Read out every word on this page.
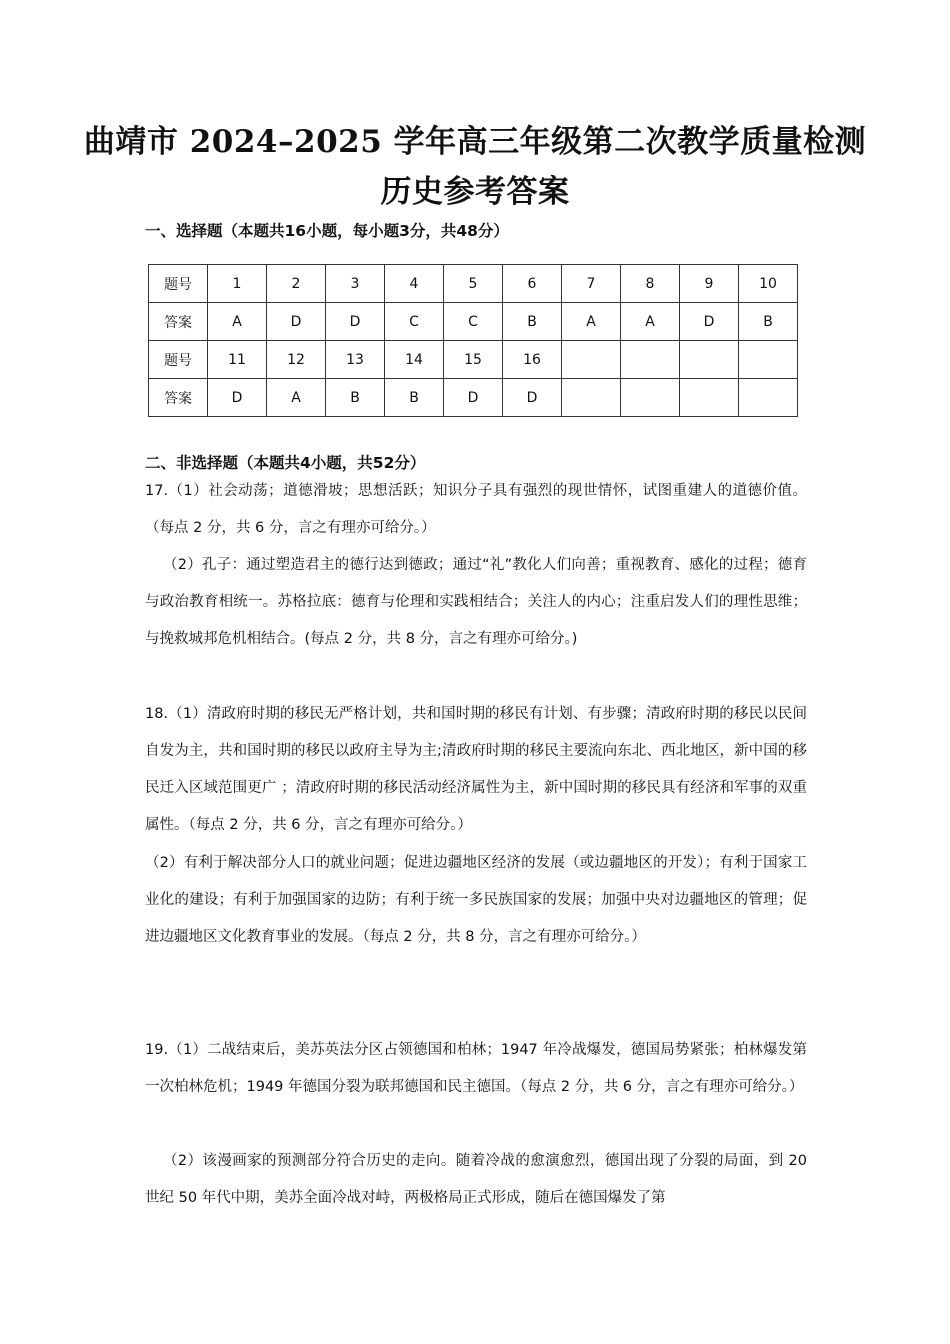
曲靖市 2024–2025 学年高三年级第二次教学质量检测
历史参考答案
一、选择题（本题共16小题，每小题3分，共48分）
题号	1	2	3	4	5	6	7	8	9	10
答案	A	D	D	C	C	B	A	A	D	B
题号	11	12	13	14	15	16				
答案	D	A	B	B	D	D				
二、非选择题（本题共4小题，共52分）
17.（1）社会动荡；道德滑坡；思想活跃；知识分子具有强烈的现世情怀，试图重建人的道德价值。（每点 2 分，共 6 分，言之有理亦可给分。）
（2）孔子：通过塑造君主的德行达到德政；通过“礼”教化人们向善；重视教育、感化的过程；德育与政治教育相统一。苏格拉底：德育与伦理和实践相结合；关注人的内心；注重启发人们的理性思维；与挽救城邦危机相结合。(每点 2 分，共 8 分，言之有理亦可给分。)
18.（1）清政府时期的移民无严格计划，共和国时期的移民有计划、有步骤；清政府时期的移民以民间自发为主，共和国时期的移民以政府主导为主;清政府时期的移民主要流向东北、西北地区，新中国的移民迁入区域范围更广 ；清政府时期的移民活动经济属性为主，新中国时期的移民具有经济和军事的双重属性。（每点 2 分，共 6 分，言之有理亦可给分。）
（2）有利于解决部分人口的就业问题；促进边疆地区经济的发展（或边疆地区的开发）；有利于国家工业化的建设；有利于加强国家的边防；有利于统一多民族国家的发展；加强中央对边疆地区的管理；促进边疆地区文化教育事业的发展。（每点 2 分，共 8 分，言之有理亦可给分。）
19.（1）二战结束后，美苏英法分区占领德国和柏林；1947 年冷战爆发，德国局势紧张；柏林爆发第一次柏林危机；1949 年德国分裂为联邦德国和民主德国。（每点 2 分，共 6 分，言之有理亦可给分。）
（2）该漫画家的预测部分符合历史的走向。随着冷战的愈演愈烈，德国出现了分裂的局面，到 20 世纪 50 年代中期，美苏全面冷战对峙，两极格局正式形成，随后在德国爆发了第
